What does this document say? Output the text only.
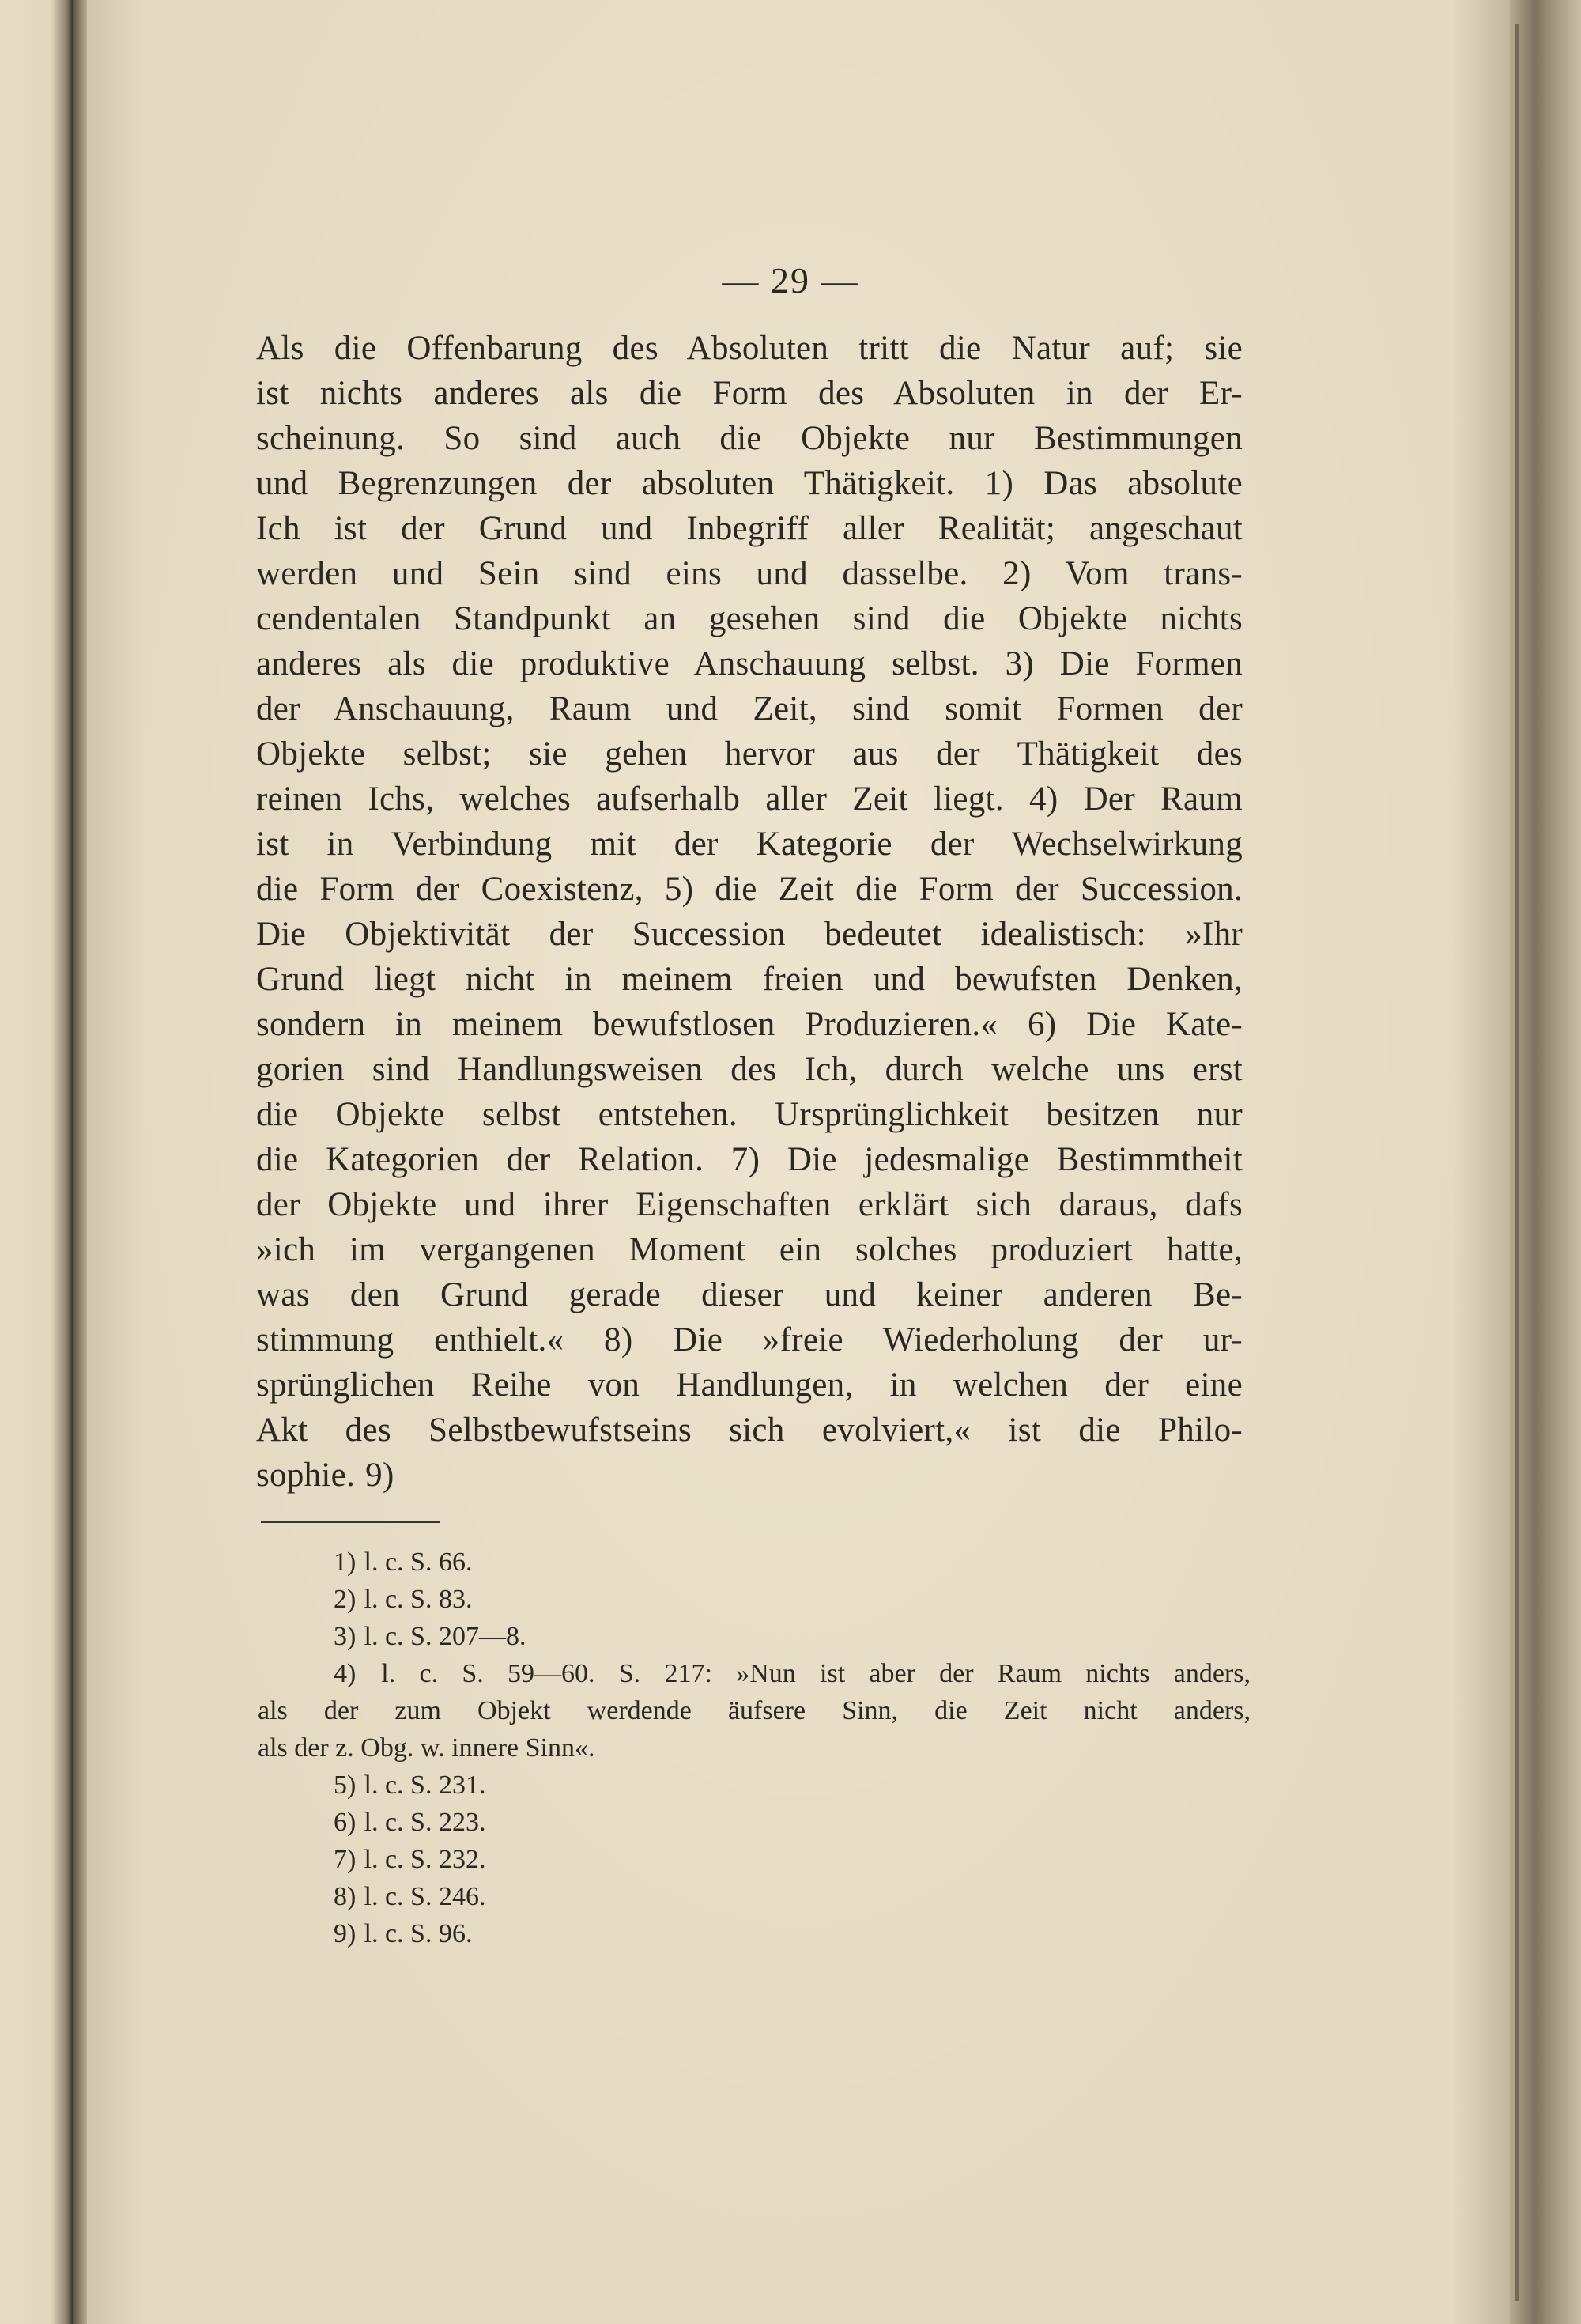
— 29 —
Als die Offenbarung des Absoluten tritt die Natur auf; sie
ist nichts anderes als die Form des Absoluten in der Er-
scheinung. So sind auch die Objekte nur Bestimmungen
und Begrenzungen der absoluten Thätigkeit. 1) Das absolute
Ich ist der Grund und Inbegriff aller Realität; angeschaut
werden und Sein sind eins und dasselbe. 2) Vom trans-
cendentalen Standpunkt an gesehen sind die Objekte nichts
anderes als die produktive Anschauung selbst. 3) Die Formen
der Anschauung, Raum und Zeit, sind somit Formen der
Objekte selbst; sie gehen hervor aus der Thätigkeit des
reinen Ichs, welches aufserhalb aller Zeit liegt. 4) Der Raum
ist in Verbindung mit der Kategorie der Wechselwirkung
die Form der Coexistenz, 5) die Zeit die Form der Succession.
Die Objektivität der Succession bedeutet idealistisch: »Ihr
Grund liegt nicht in meinem freien und bewufsten Denken,
sondern in meinem bewufstlosen Produzieren.« 6) Die Kate-
gorien sind Handlungsweisen des Ich, durch welche uns erst
die Objekte selbst entstehen. Ursprünglichkeit besitzen nur
die Kategorien der Relation. 7) Die jedesmalige Bestimmtheit
der Objekte und ihrer Eigenschaften erklärt sich daraus, dafs
»ich im vergangenen Moment ein solches produziert hatte,
was den Grund gerade dieser und keiner anderen Be-
stimmung enthielt.« 8) Die »freie Wiederholung der ur-
sprünglichen Reihe von Handlungen, in welchen der eine
Akt des Selbstbewufstseins sich evolviert,« ist die Philo-
sophie. 9)
1) l. c. S. 66.
2) l. c. S. 83.
3) l. c. S. 207—8.
4) l. c. S. 59—60. S. 217: »Nun ist aber der Raum nichts anders,
als der zum Objekt werdende äufsere Sinn, die Zeit nicht anders,
als der z. Obg. w. innere Sinn«.
5) l. c. S. 231.
6) l. c. S. 223.
7) l. c. S. 232.
8) l. c. S. 246.
9) l. c. S. 96.
